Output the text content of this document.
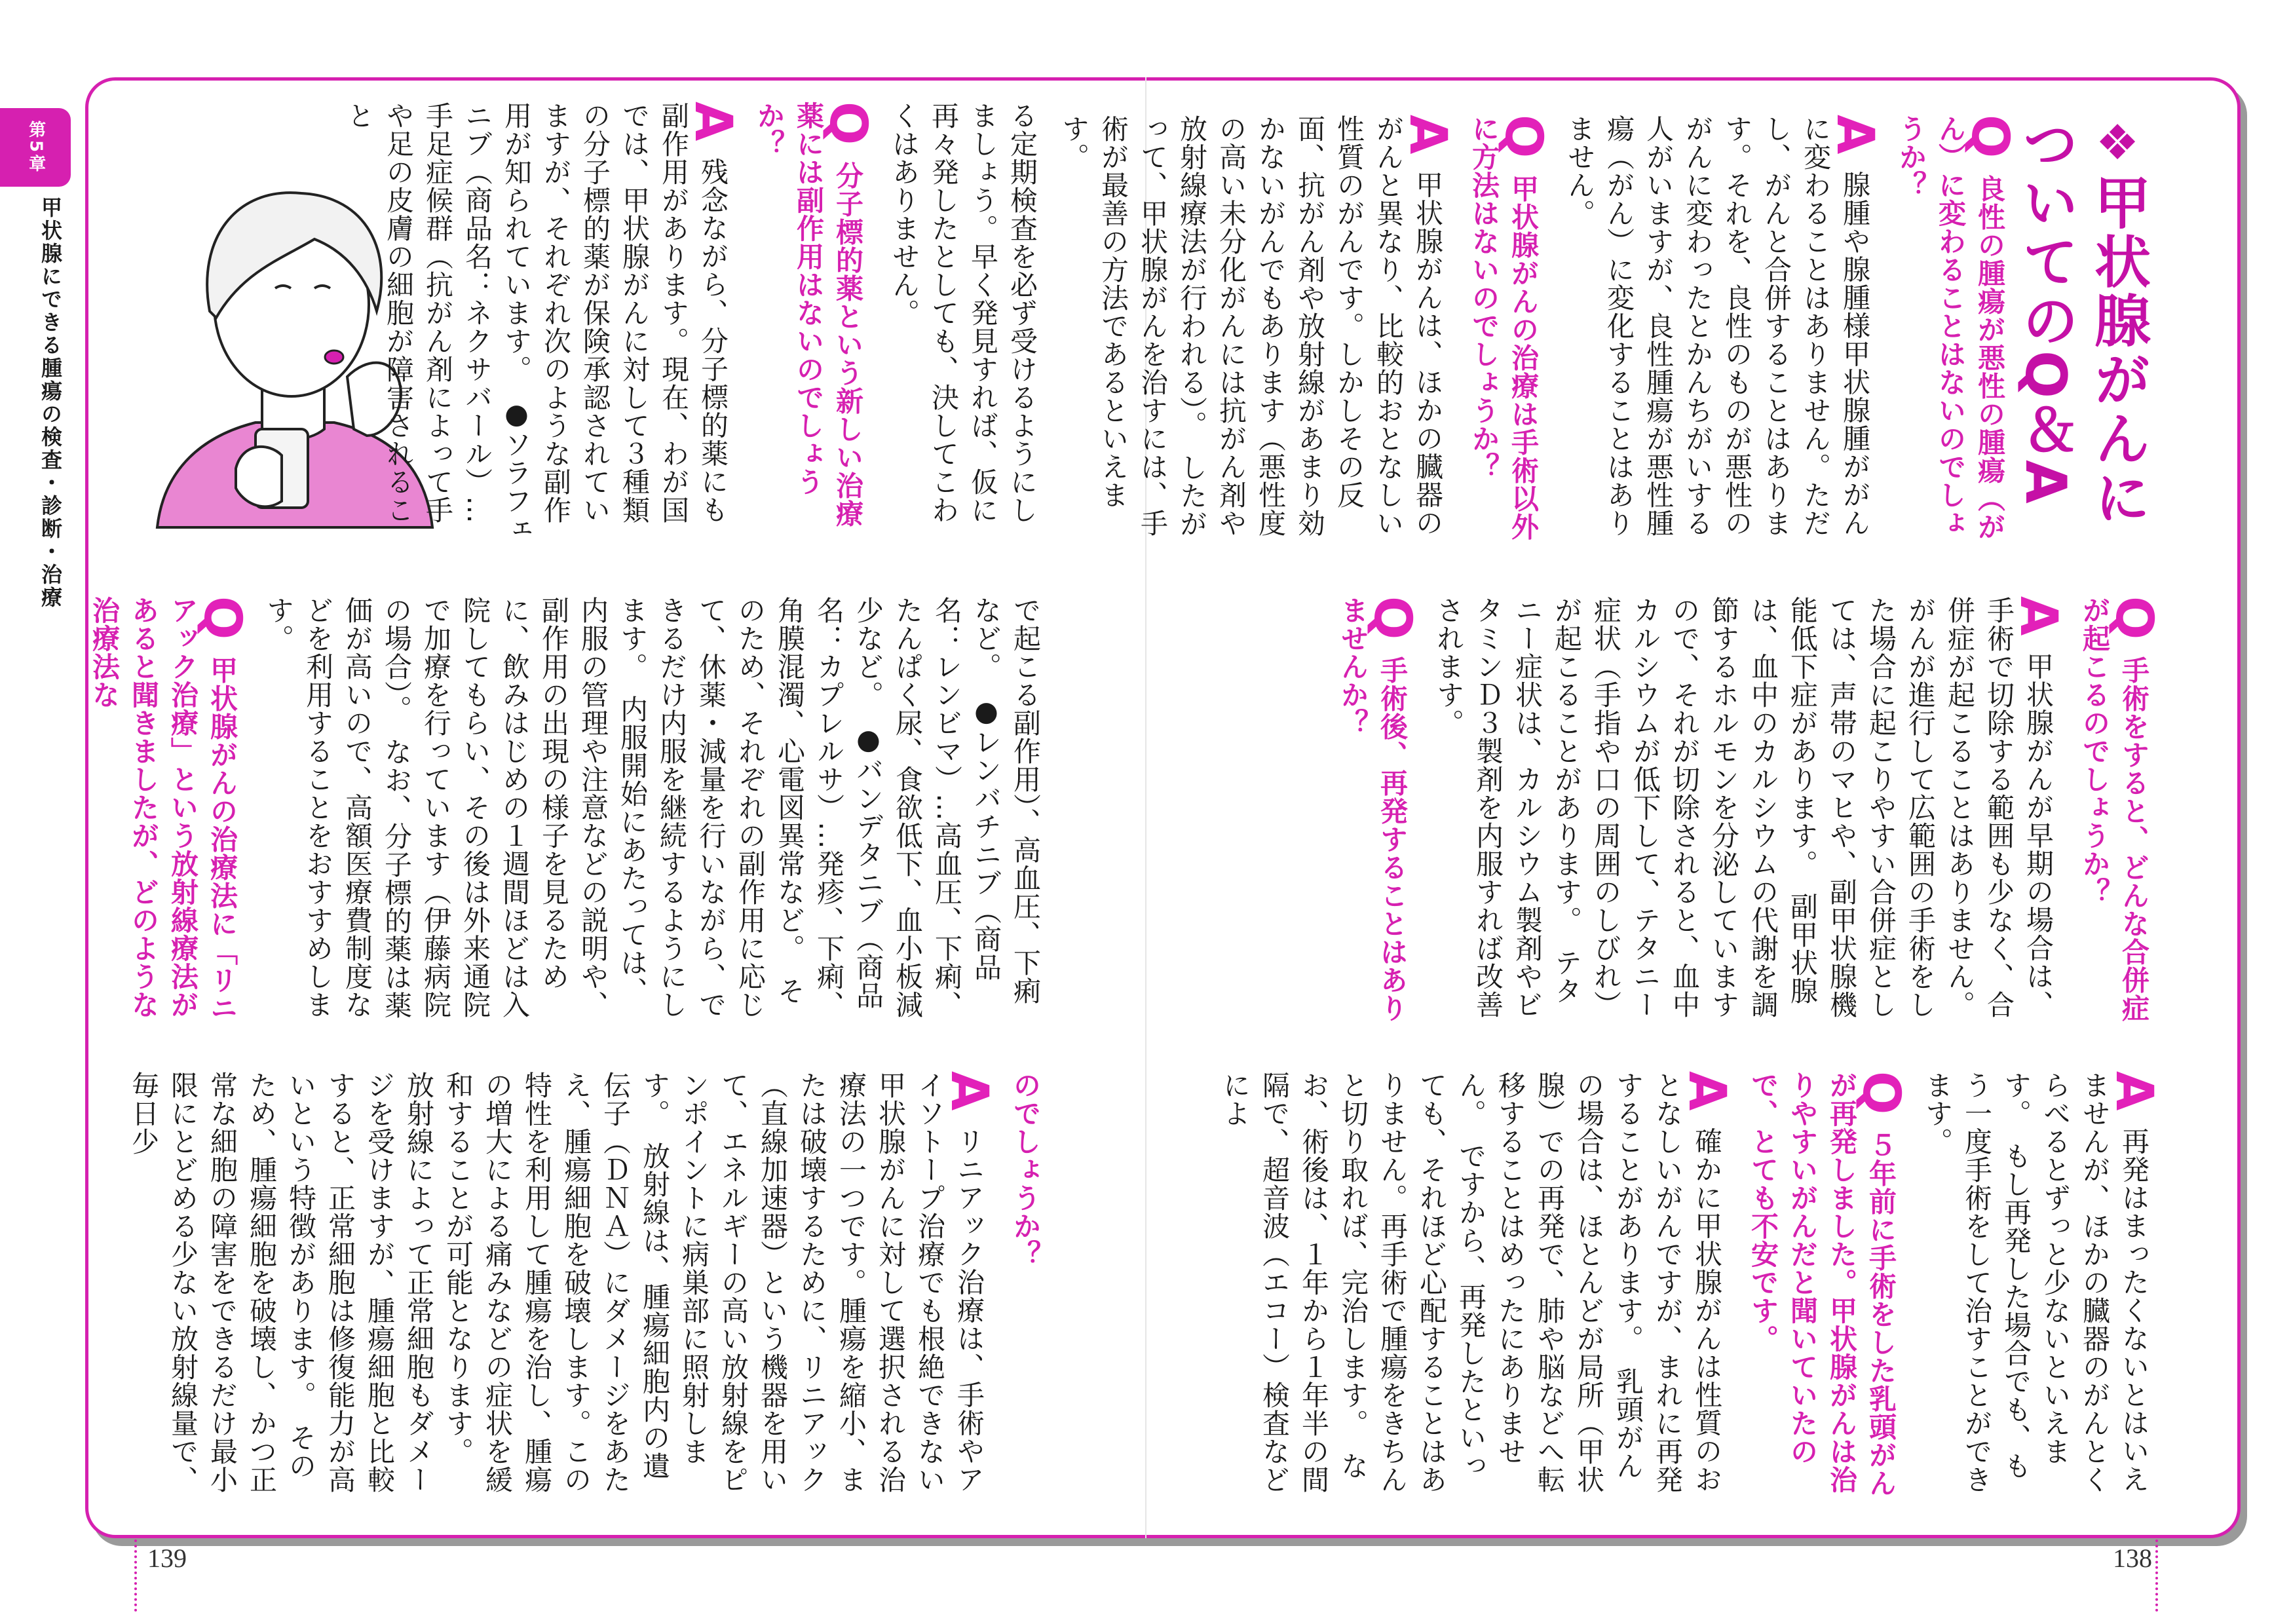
第5章
甲状腺にできる腫瘍の検査・診断・治療
❖甲状腺がんについてのQ＆A
Q 良性の腫瘍が悪性の腫瘍（がん）に変わることはないのでしょうか？
A 腺腫や腺腫様甲状腺腫ががんに変わることはありません。ただし、がんと合併することはあります。それを、良性のものが悪性のがんに変わったとかんちがいする人がいますが、良性腫瘍が悪性腫瘍（がん）に変化することはありません。
Q 甲状腺がんの治療は手術以外に方法はないのでしょうか？
A 甲状腺がんは、ほかの臓器のがんと異なり、比較的おとなしい性質のがんです。しかしその反面、抗がん剤や放射線があまり効かないがんでもあります（悪性度の高い未分化がんには抗がん剤や放射線療法が行われる）。　したがって、甲状腺がんを治すには、手術が最善の方法であるといえます。
Q 手術をすると、どんな合併症が起こるのでしょうか？
A 甲状腺がんが早期の場合は、手術で切除する範囲も少なく、合併症が起こることはありません。　がんが進行して広範囲の手術をした場合に起こりやすい合併症としては、声帯のマヒや、副甲状腺機能低下症があります。　副甲状腺は、血中のカルシウムの代謝を調節するホルモンを分泌していますので、それが切除されると、血中カルシウムが低下して、テタニー症状（手指や口の周囲のしびれ）が起こることがあります。　テタニー症状は、カルシウム製剤やビタミンＤ３製剤を内服すれば改善されます。
Q 手術後、再発することはありませんか？
A 再発はまったくないとはいえませんが、ほかの臓器のがんとくらべるとずっと少ないといえます。　もし再発した場合でも、もう一度手術をして治すことができます。
Q ５年前に手術をした乳頭がんが再発しました。甲状腺がんは治りやすいがんだと聞いていたので、とても不安です。
A 確かに甲状腺がんは性質のおとなしいがんですが、まれに再発することがあります。　乳頭がんの場合は、ほとんどが局所（甲状腺）での再発で、肺や脳などへ転移することはめったにありません。　ですから、再発したといっても、それほど心配することはありません。再手術で腫瘍をきちんと切り取れば、完治します。　なお、術後は、１年から１年半の間隔で、超音波（エコー）検査などによ
る定期検査を必ず受けるようにしましょう。早く発見すれば、仮に再々発したとしても、決してこわくはありません。
Q 分子標的薬という新しい治療薬には副作用はないのでしょうか？
A 残念ながら、分子標的薬にも副作用があります。現在、わが国では、甲状腺がんに対して３種類の分子標的薬が保険承認されていますが、それぞれ次のような副作用が知られています。　●ソラフェニブ（商品名：ネクサバール）…手足症候群（抗がん剤によって手や足の皮膚の細胞が障害されること
で起こる副作用）、高血圧、下痢など。　●レンバチニブ（商品名：レンビマ）…高血圧、下痢、たんぱく尿、食欲低下、血小板減少など。　●バンデタニブ（商品名：カプレルサ）…発疹、下痢、角膜混濁、心電図異常など。　そのため、それぞれの副作用に応じて、休薬・減量を行いながら、できるだけ内服を継続するようにします。　内服開始にあたっては、内服の管理や注意などの説明や、副作用の出現の様子を見るために、飲みはじめの１週間ほどは入院してもらい、その後は外来通院で加療を行っています（伊藤病院の場合）。　なお、分子標的薬は薬価が高いので、高額医療費制度などを利用することをおすすめします。
Q 甲状腺がんの治療法に「リニアック治療」という放射線療法があると聞きましたが、どのような治療法な
のでしょうか？
A リニアック治療は、手術やアイソトープ治療でも根絶できない甲状腺がんに対して選択される治療法の一つです。腫瘍を縮小、または破壊するために、リニアック（直線加速器）という機器を用いて、エネルギーの高い放射線をピンポイントに病巣部に照射します。　放射線は、腫瘍細胞内の遺伝子（ＤＮＡ）にダメージをあたえ、腫瘍細胞を破壊します。この特性を利用して腫瘍を治し、腫瘍の増大による痛みなどの症状を緩和することが可能となります。　放射線によって正常細胞もダメージを受けますが、腫瘍細胞と比較すると、正常細胞は修復能力が高いという特徴があります。　そのため、腫瘍細胞を破壊し、かつ正常な細胞の障害をできるだけ最小限にとどめる少ない放射線量で、毎日少
139	138
